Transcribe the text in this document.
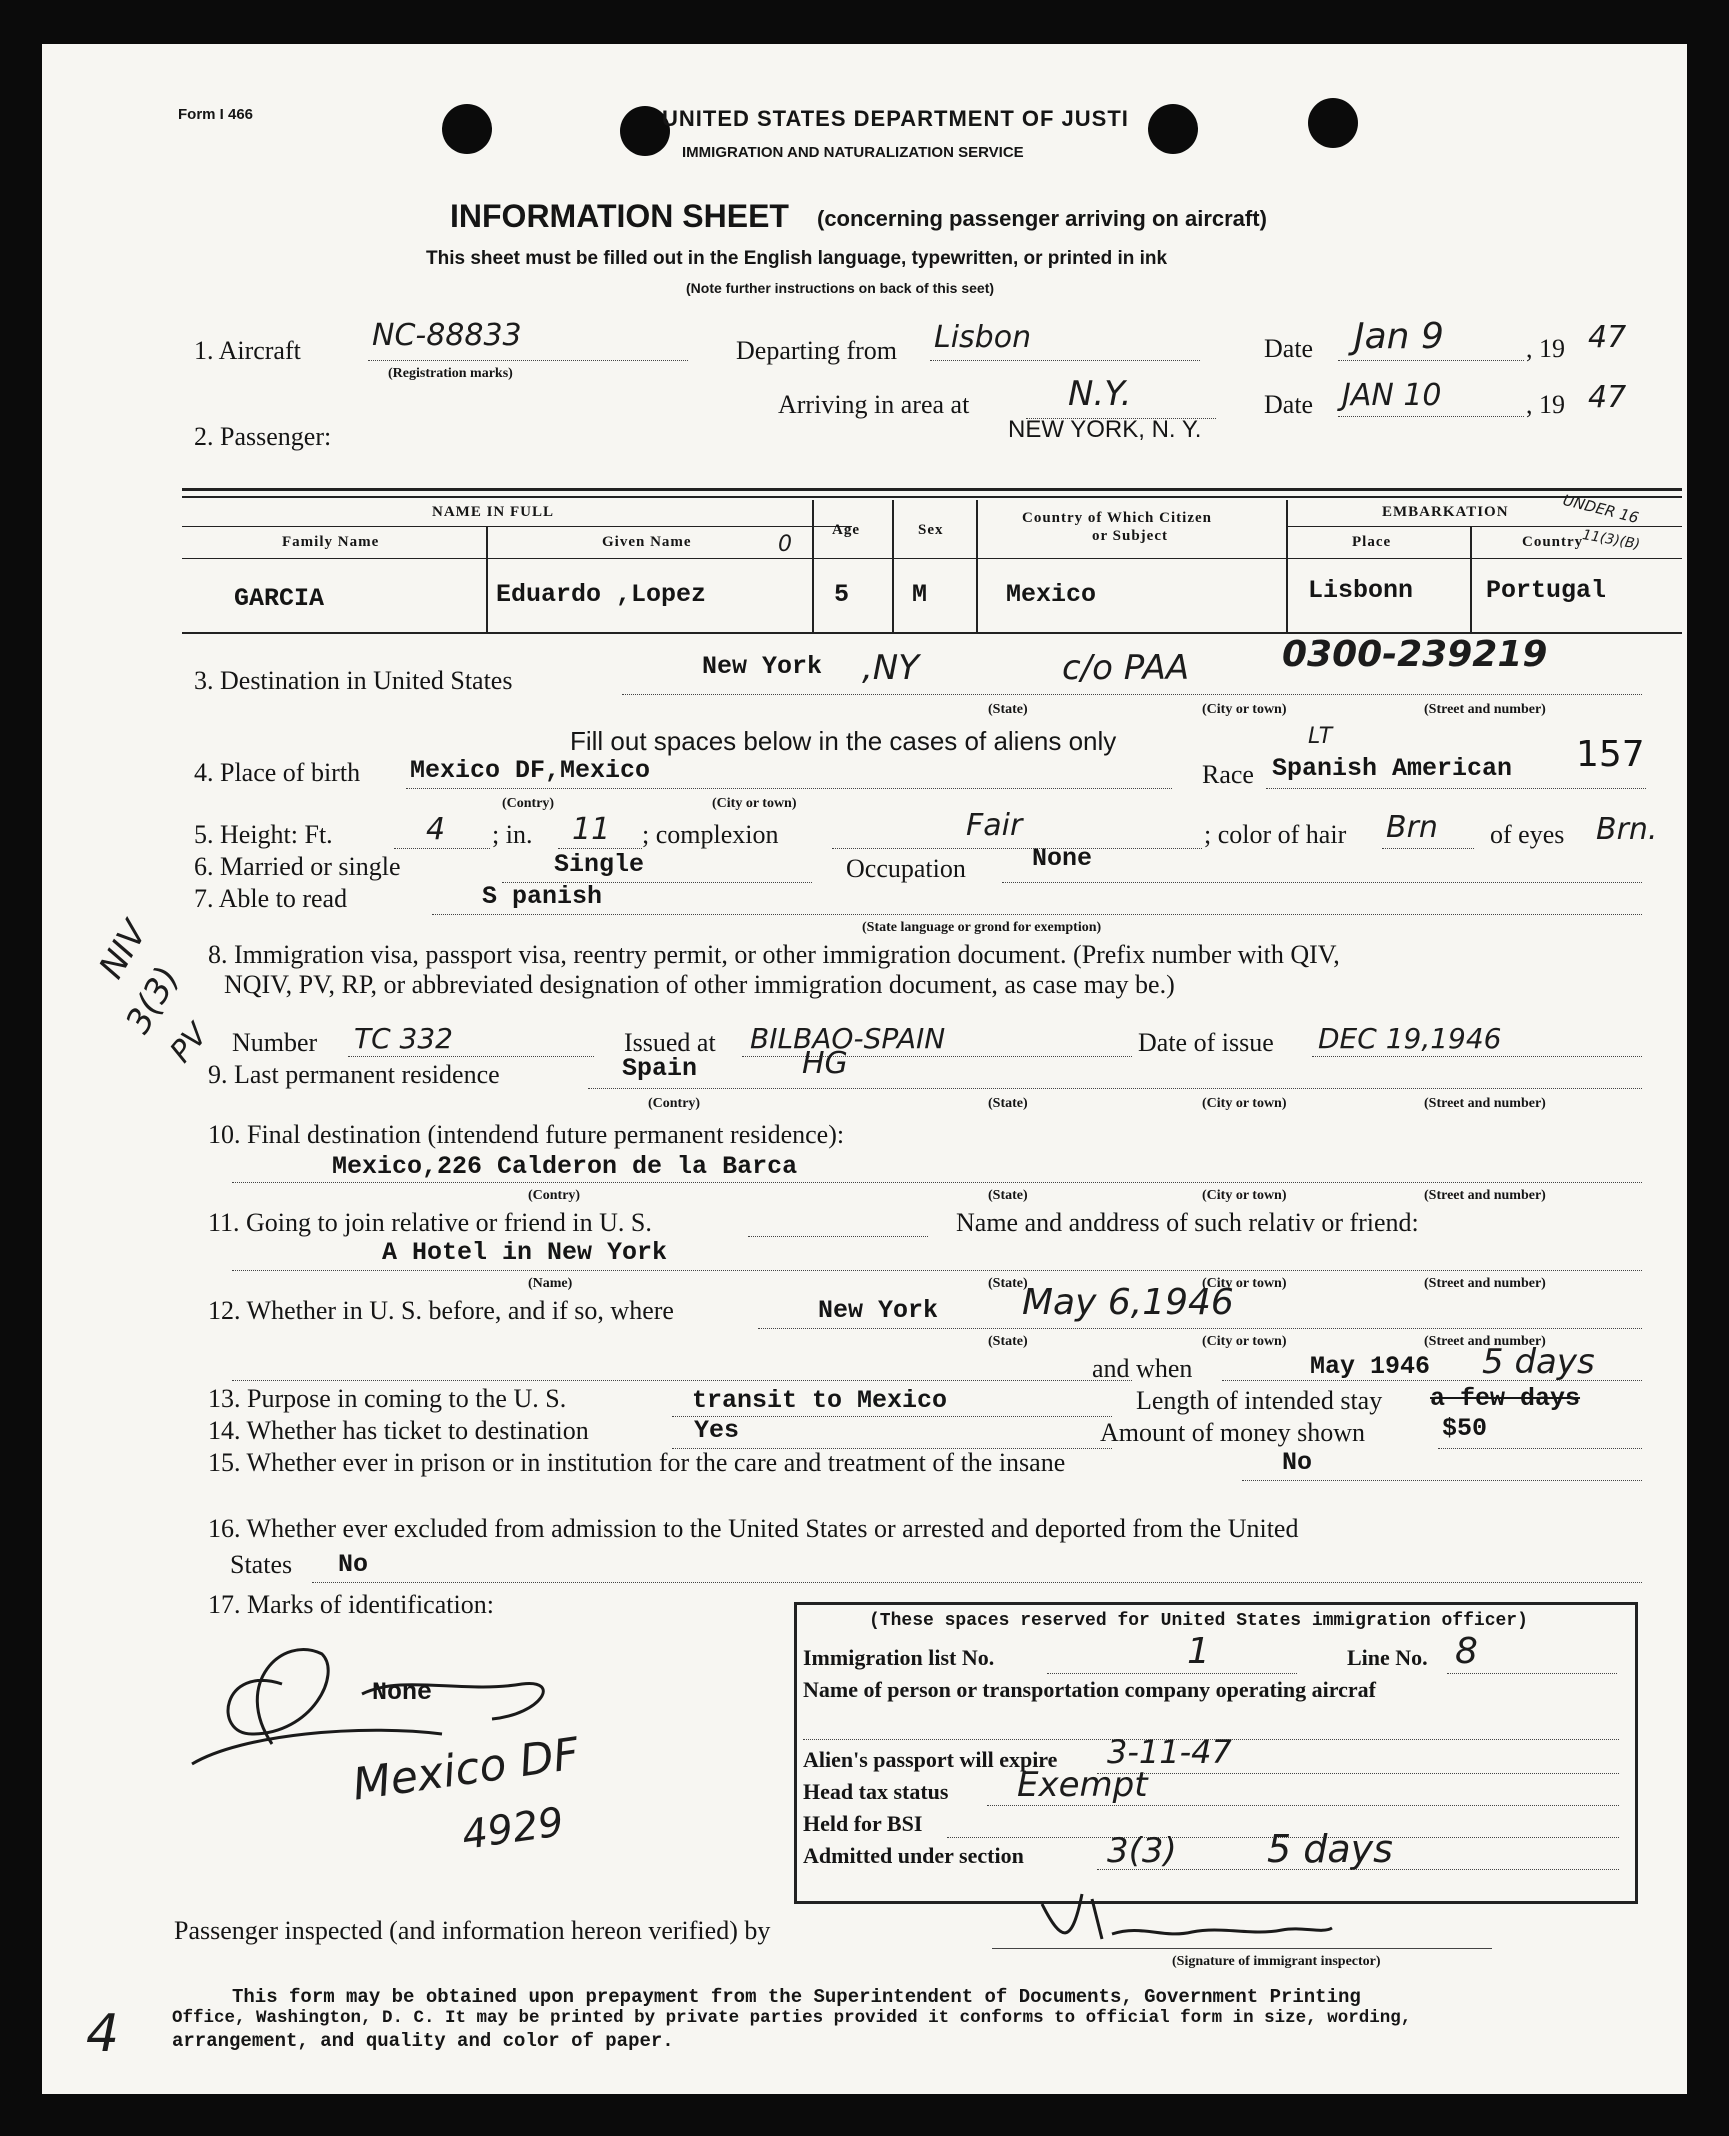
Form I 466	UNITED STATES DEPARTMENT OF JUSTI
IMMIGRATION AND NATURALIZATION SERVICE
INFORMATION SHEET (concerning passenger arriving on aircraft)
This sheet must be filled out in the English language, typewritten, or printed in ink
(Note further instructions on back of this seet)
1. Aircraft NC-88833
(Registration marks)
Departing from Lisbon	Date Jan 9	, 19 47
Arriving in area at	N.Y.
NEW YORK, N. Y.
Date JAN 10	, 19 47
2. Passenger:
NAME IN FULL
Family Name	Given Name	0
Age	Sex
Country of Which Citizen
or Subject
EMBARKATION	UNDER 16
11(3)(B)
Place	Country
GARCIA	Eduardo ,Lopez	5	M	Mexico	Lisbonn	Portugal
3. Destination in United States	New York ,NY	c/o PAA	0300-239219
(State)	(City or town)	(Street and number)
Fill out spaces below in the cases of aliens only
4. Place of birth Mexico DF,Mexico
(Contry)	(City or town)
Race Spanish American
LT	157
5. Height: Ft.	4 ; in. 11 ; complexion	Fair	; color of hair Brn of eyes Brn.
6. Married or single	Single	Occupation	None
7. Able to read	S panish
(State language or grond for exemption)
8. Immigration visa, passport visa, reentry permit, or other immigration document. (Prefix number with QIV,
NQIV, PV, RP, or abbreviated designation of other immigration document, as case may be.)
NIV
3(3)
PV Number TC 332	Issued at BILBAO-SPAIN	Date of issue DEC 19,1946
9. Last permanent residence	Spain	HG
(Contry)	(State)	(City or town)	(Street and number)
10. Final destination (intendend future permanent residence):
Mexico,226 Calderon de la Barca
(Contry)	(State)	(City or town)	(Street and number)
11. Going to join relative or friend in U. S.	Name and anddress of such relativ or friend:
A Hotel in New York
(Name)	(State)	(City or town)	(Street and number)
12. Whether in U. S. before, and if so, where	New York May 6,1946
(State)	(City or town)	(Street and number)
and when	May 1946 5 days
13. Purpose in coming to the U. S.	transit to Mexico	Length of intended stay a few days
14. Whether has ticket to destination	Yes	Amount of money shown	$50
15. Whether ever in prison or in institution for the care and treatment of the insane	No
16. Whether ever excluded from admission to the United States or arrested and deported from the United
States No
17. Marks of identification:
None
Mexico DF
4929
(These spaces reserved for United States immigration officer)
Immigration list No.	1	Line No. 8
Name of person or transportation company operating aircraf
Alien's passport will expire 3-11-47
Head tax status Exempt
Held for BSI
Admitted under section 3(3) 5 days
Passenger inspected (and information hereon verified) by
(Signature of immigrant inspector)
This form may be obtained upon prepayment from the Superintendent of Documents, Government Printing
Office, Washington, D. C. It may be printed by private parties provided it conforms to official form in size, wording,
arrangement, and quality and color of paper.
4
